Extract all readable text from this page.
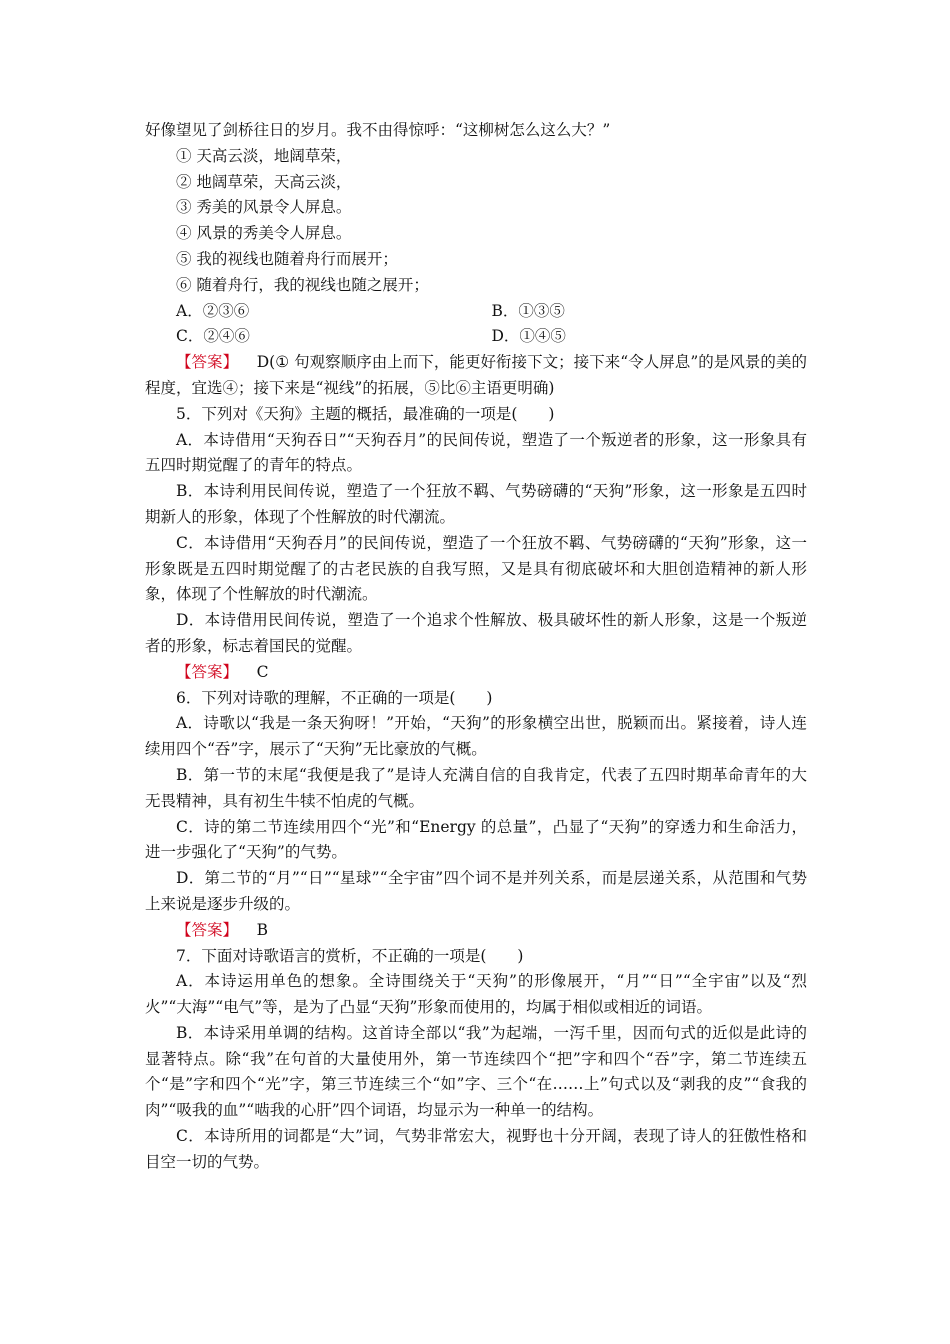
好像望见了剑桥往日的岁月。我不由得惊呼：“这柳树怎么这么大？”

① 天高云淡，地阔草荣，

② 地阔草荣，天高云淡，

③ 秀美的风景令人屏息。

④ 风景的秀美令人屏息。

⑤ 我的视线也随着舟行而展开；

⑥ 随着舟行，我的视线也随之展开；

A．②③⑥	B．①③⑤
C．②④⑥	D．①④⑤

【答案】 D(① 句观察顺序由上而下，能更好衔接下文；接下来“令人屏息”的是风景的美的程度，宜选④；接下来是“视线”的拓展，⑤比⑥主语更明确)

5．下列对《天狗》主题的概括，最准确的一项是(　　)

A．本诗借用“天狗吞日”“天狗吞月”的民间传说，塑造了一个叛逆者的形象，这一形象具有五四时期觉醒了的青年的特点。

B．本诗利用民间传说，塑造了一个狂放不羁、气势磅礴的“天狗”形象，这一形象是五四时期新人的形象，体现了个性解放的时代潮流。

C．本诗借用“天狗吞月”的民间传说，塑造了一个狂放不羁、气势磅礴的“天狗”形象，这一形象既是五四时期觉醒了的古老民族的自我写照，又是具有彻底破坏和大胆创造精神的新人形象，体现了个性解放的时代潮流。

D．本诗借用民间传说，塑造了一个追求个性解放、极具破坏性的新人形象，这是一个叛逆者的形象，标志着国民的觉醒。

【答案】 C

6．下列对诗歌的理解，不正确的一项是(　　)

A．诗歌以“我是一条天狗呀！”开始，“天狗”的形象横空出世，脱颖而出。紧接着，诗人连续用四个“吞”字，展示了“天狗”无比豪放的气概。

B．第一节的末尾“我便是我了”是诗人充满自信的自我肯定，代表了五四时期革命青年的大无畏精神，具有初生牛犊不怕虎的气概。

C．诗的第二节连续用四个“光”和“Energy 的总量”，凸显了“天狗”的穿透力和生命活力，进一步强化了“天狗”的气势。

D．第二节的“月”“日”“星球”“全宇宙”四个词不是并列关系，而是层递关系，从范围和气势上来说是逐步升级的。

【答案】 B

7．下面对诗歌语言的赏析，不正确的一项是(　　)

A．本诗运用单色的想象。全诗围绕关于“天狗”的形像展开，“月”“日”“全宇宙”以及“烈火”“大海”“电气”等，是为了凸显“天狗”形象而使用的，均属于相似或相近的词语。

B．本诗采用单调的结构。这首诗全部以“我”为起端，一泻千里，因而句式的近似是此诗的显著特点。除“我”在句首的大量使用外，第一节连续四个“把”字和四个“吞”字，第二节连续五个“是”字和四个“光”字，第三节连续三个“如”字、三个“在……上”句式以及“剥我的皮”“食我的肉”“吸我的血”“啮我的心肝”四个词语，均显示为一种单一的结构。

C．本诗所用的词都是“大”词，气势非常宏大，视野也十分开阔，表现了诗人的狂傲性格和目空一切的气势。
